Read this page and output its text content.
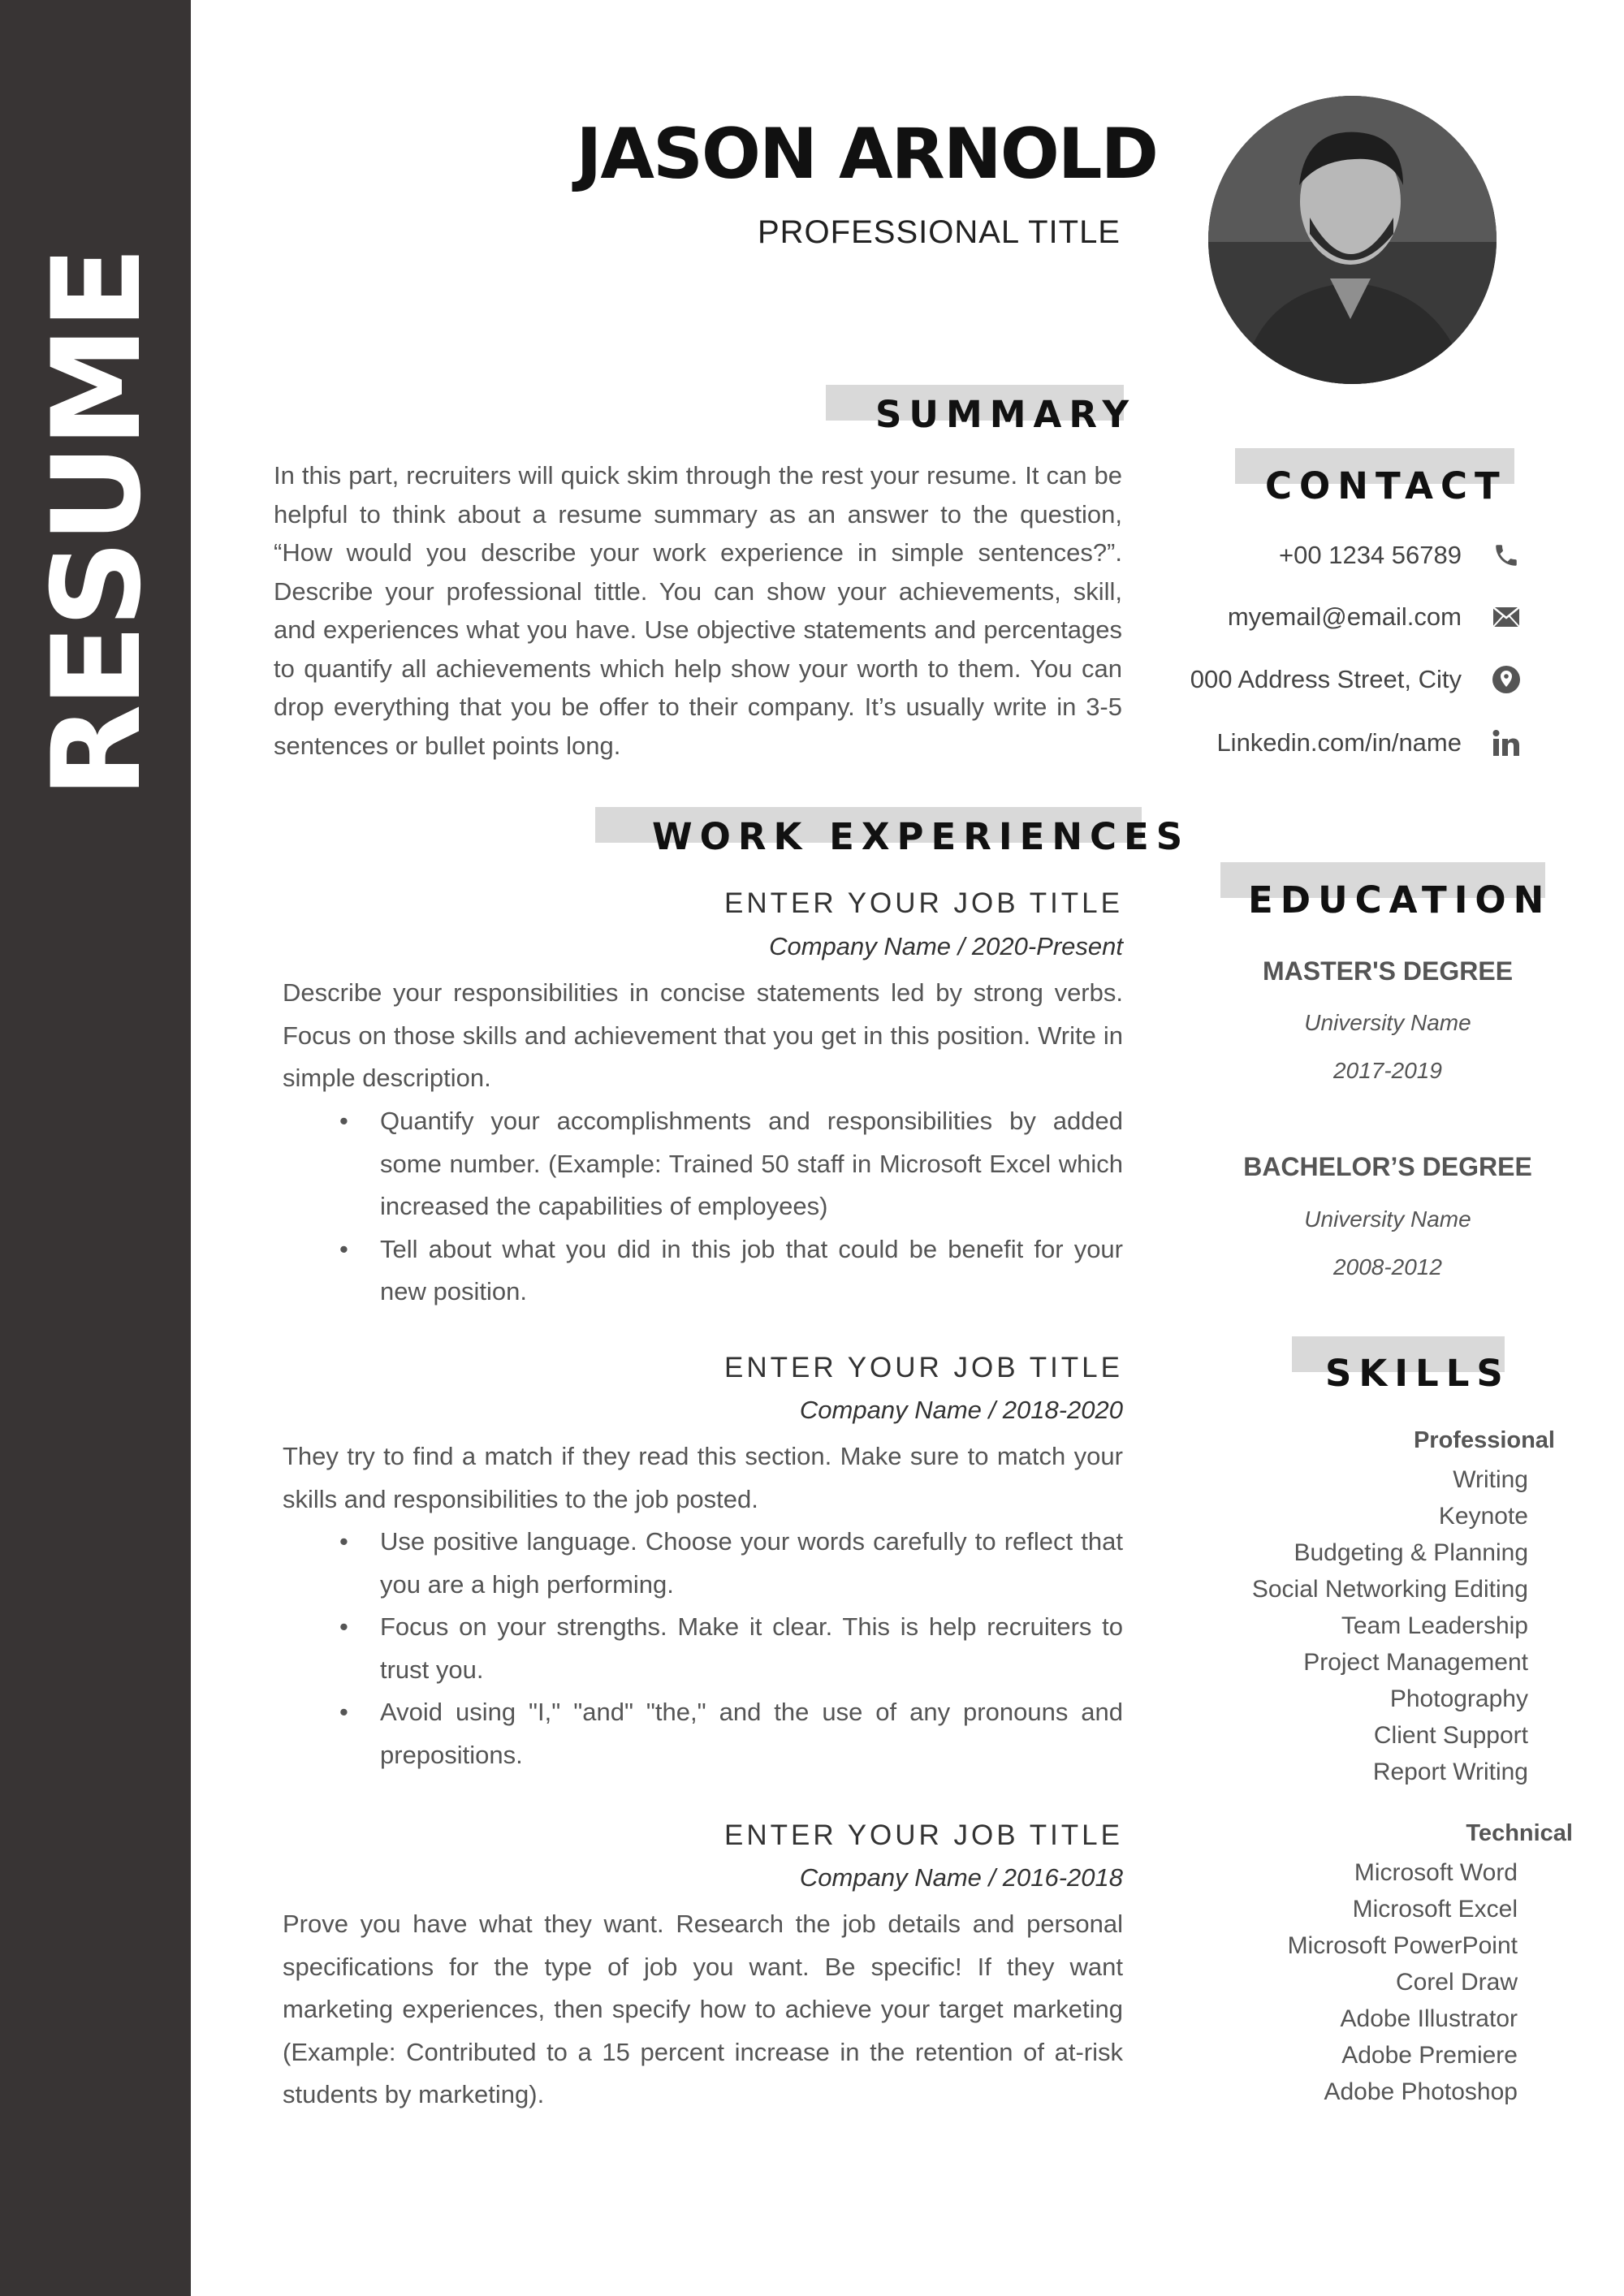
RESUME
JASON ARNOLD
PROFESSIONAL TITLE
SUMMARY

In this part, recruiters will quick skim through the rest your resume. It can be helpful to think about a resume summary as an answer to the question, “How would you describe your work experience in simple sentences?”. Describe your professional tittle. You can show your achievements, skill, and experiences what you have. Use objective statements and percentages to quantify all achievements which help show your worth to them. You can drop everything that you be offer to their company. It’s usually write in 3-5 sentences or bullet points long.

WORK EXPERIENCES
ENTER YOUR JOB TITLE
Company Name / 2020-Present

Describe your responsibilities in concise statements led by strong verbs. Focus on those skills and achievement that you get in this position. Write in simple description.

• Quantify your accomplishments and responsibilities by added some number. (Example: Trained 50 staff in Microsoft Excel which increased the capabilities of employees)
• Tell about what you did in this job that could be benefit for your new position.
ENTER YOUR JOB TITLE
Company Name / 2018-2020

They try to find a match if they read this section. Make sure to match your skills and responsibilities to the job posted.

• Use positive language. Choose your words carefully to reflect that you are a high performing.
• Focus on your strengths. Make it clear. This is help recruiters to trust you.
• Avoid using "I," "and" "the," and the use of any pronouns and prepositions.
ENTER YOUR JOB TITLE
Company Name / 2016-2018

Prove you have what they want. Research the job details and personal specifications for the type of job you want. Be specific! If they want marketing experiences, then specify how to achieve your target marketing (Example: Contributed to a 15 percent increase in the retention of at-risk students by marketing).

CONTACT
+00 1234 56789
myemail@email.com
000 Address Street, City
Linkedin.com/in/name
EDUCATION
MASTER'S DEGREE
University Name
2017-2019
BACHELOR’S DEGREE
University Name
2008-2012
SKILLS
Professional
Writing
Keynote
Budgeting & Planning
Social Networking Editing
Team Leadership
Project Management
Photography
Client Support
Report Writing
Technical
Microsoft Word
Microsoft Excel
Microsoft PowerPoint
Corel Draw
Adobe Illustrator
Adobe Premiere
Adobe Photoshop
